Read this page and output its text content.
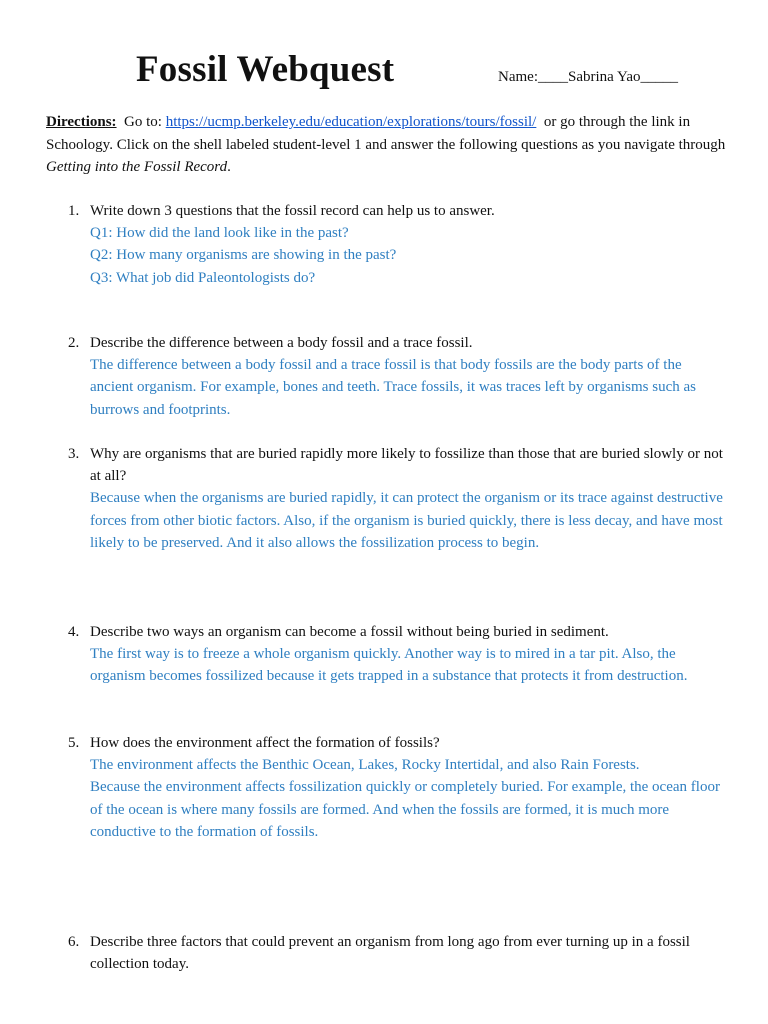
Fossil Webquest	Name:____Sabrina Yao_____
Directions: Go to: https://ucmp.berkeley.edu/education/explorations/tours/fossil/ or go through the link in Schoology. Click on the shell labeled student-level 1 and answer the following questions as you navigate through Getting into the Fossil Record.
1. Write down 3 questions that the fossil record can help us to answer.
Q1: How did the land look like in the past?
Q2: How many organisms are showing in the past?
Q3: What job did Paleontologists do?
2. Describe the difference between a body fossil and a trace fossil.
The difference between a body fossil and a trace fossil is that body fossils are the body parts of the ancient organism. For example, bones and teeth. Trace fossils, it was traces left by organisms such as burrows and footprints.
3. Why are organisms that are buried rapidly more likely to fossilize than those that are buried slowly or not at all?
Because when the organisms are buried rapidly, it can protect the organism or its trace against destructive forces from other biotic factors. Also, if the organism is buried quickly, there is less decay, and have most likely to be preserved. And it also allows the fossilization process to begin.
4. Describe two ways an organism can become a fossil without being buried in sediment.
The first way is to freeze a whole organism quickly. Another way is to mired in a tar pit. Also, the organism becomes fossilized because it gets trapped in a substance that protects it from destruction.
5. How does the environment affect the formation of fossils?
The environment affects the Benthic Ocean, Lakes, Rocky Intertidal, and also Rain Forests.
Because the environment affects fossilization quickly or completely buried. For example, the ocean floor of the ocean is where many fossils are formed. And when the fossils are formed, it is much more conductive to the formation of fossils.
6. Describe three factors that could prevent an organism from long ago from ever turning up in a fossil collection today.
